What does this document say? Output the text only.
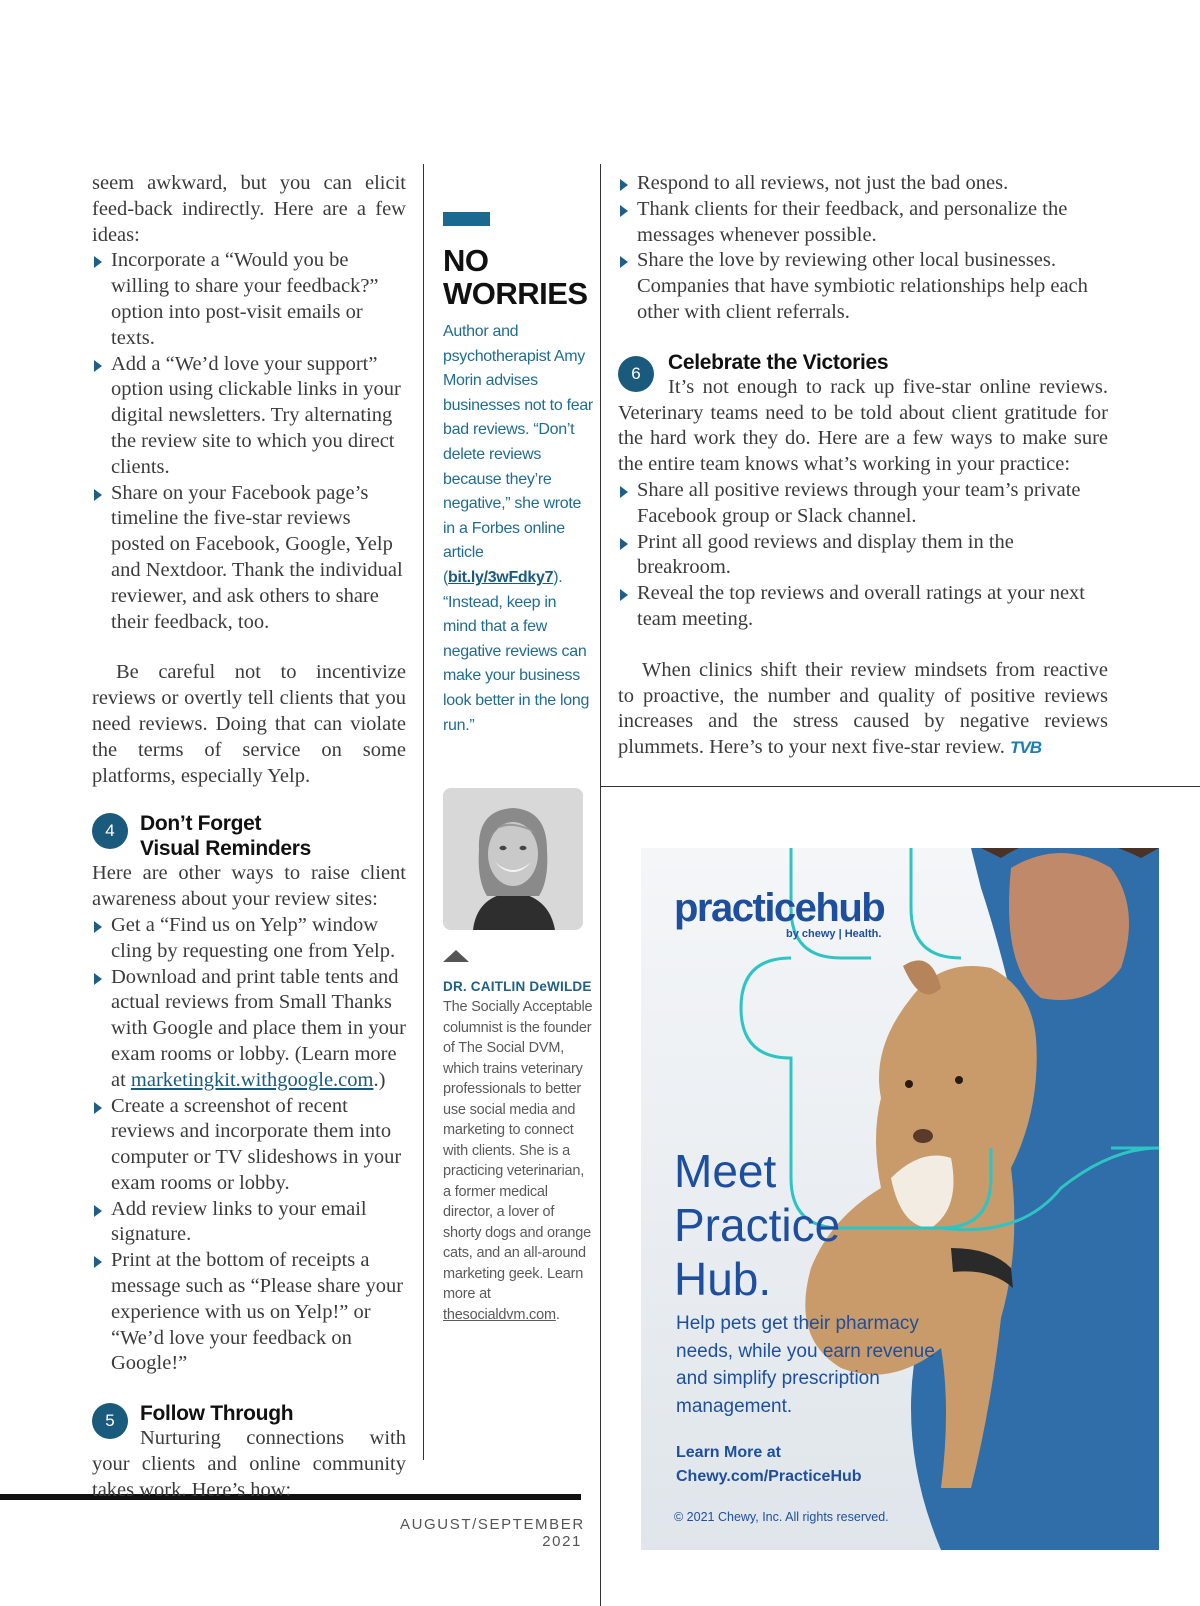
seem awkward, but you can elicit feed-back indirectly. Here are a few ideas:

Incorporate a “Would you be willing to share your feedback?” option into post-visit emails or texts.
Add a “We’d love your support” option using clickable links in your digital newsletters. Try alternating the review site to which you direct clients.
Share on your Facebook page’s timeline the five-star reviews posted on Facebook, Google, Yelp and Nextdoor. Thank the individual reviewer, and ask others to share their feedback, too.

Be careful not to incentivize reviews or overtly tell clients that you need reviews. Doing that can violate the terms of service on some platforms, especially Yelp.

4	Don’t Forget
Visual Reminders

Here are other ways to raise client awareness about your review sites:

Get a “Find us on Yelp” window cling by requesting one from Yelp.
Download and print table tents and actual reviews from Small Thanks with Google and place them in your exam rooms or lobby. (Learn more at marketingkit.withgoogle.com.)
Create a screenshot of recent reviews and incorporate them into computer or TV slideshows in your exam rooms or lobby.
Add review links to your email signature.
Print at the bottom of receipts a message such as “Please share your experience with us on Yelp!” or “We’d love your feedback on Google!”
5	Follow Through

Nurturing connections with your clients and online community takes work. Here’s how:

NO
WORRIES

Author and psychotherapist Amy Morin advises businesses not to fear bad reviews. “Don’t delete reviews because they’re negative,” she wrote in a Forbes online article (bit.ly/3wFdky7). “Instead, keep in mind that a few negative reviews can make your business look better in the long run.”

DR. CAITLIN DeWILDE

The Socially Acceptable columnist is the founder of The Social DVM, which trains veterinary professionals to better use social media and marketing to connect with clients. She is a practicing veterinarian, a former medical director, a lover of shorty dogs and orange cats, and an all-around marketing geek. Learn more at thesocialdvm.com.

Respond to all reviews, not just the bad ones.
Thank clients for their feedback, and personalize the messages whenever possible.
Share the love by reviewing other local businesses. Companies that have symbiotic relationships help each other with client referrals.
6	Celebrate the Victories

It’s not enough to rack up five-star online reviews. Veterinary teams need to be told about client gratitude for the hard work they do. Here are a few ways to make sure the entire team knows what’s working in your practice:

Share all positive reviews through your team’s private Facebook group or Slack channel.
Print all good reviews and display them in the breakroom.
Reveal the top reviews and overall ratings at your next team meeting.

When clinics shift their review mindsets from reactive to proactive, the number and quality of positive reviews increases and the stress caused by negative reviews plummets. Here’s to your next five-star review. TVB

practicehub
by chewy | Health.
Meet
Practice
Hub.
Help pets get their pharmacy needs, while you earn revenue and simplify prescription management.
Learn More at
Chewy.com/PracticeHub
© 2021 Chewy, Inc. All rights reserved.
AUGUST/SEPTEMBER 2021
